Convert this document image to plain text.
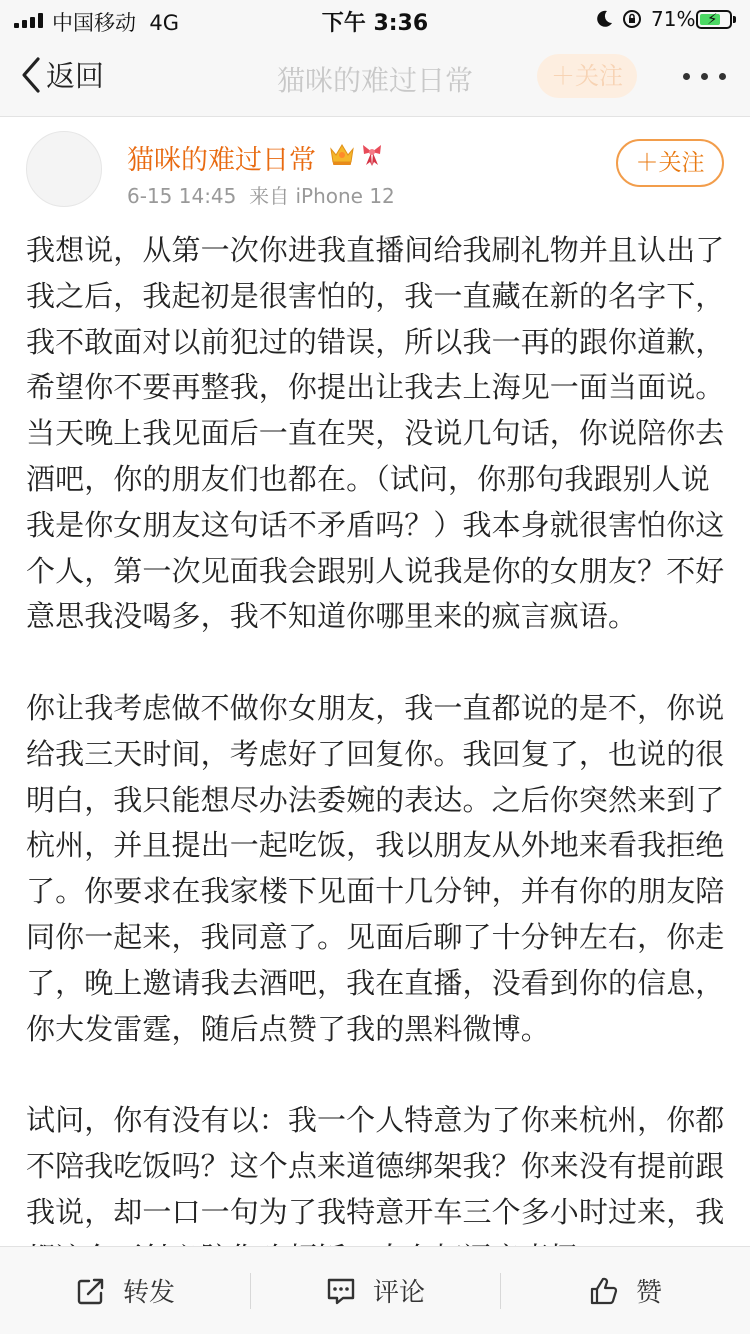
中国移动 4G	下午 3:36	71% ⚡
返回	猫咪的难过日常	＋关注
猫咪的难过日常
6-15 14:45 来自 iPhone 12
＋关注

我想说，从第一次你进我直播间给我刷礼物并且认出了我之后，我起初是很害怕的，我一直藏在新的名字下，我不敢面对以前犯过的错误，所以我一再的跟你道歉，希望你不要再整我，你提出让我去上海见一面当面说。当天晚上我见面后一直在哭，没说几句话，你说陪你去酒吧，你的朋友们也都在。（试问，你那句我跟别人说我是你女朋友这句话不矛盾吗？）我本身就很害怕你这个人，第一次见面我会跟别人说我是你的女朋友？不好意思我没喝多，我不知道你哪里来的疯言疯语。

你让我考虑做不做你女朋友，我一直都说的是不，你说给我三天时间，考虑好了回复你。我回复了，也说的很明白，我只能想尽办法委婉的表达。之后你突然来到了杭州，并且提出一起吃饭，我以朋友从外地来看我拒绝了。你要求在我家楼下见面十几分钟，并有你的朋友陪同你一起来，我同意了。见面后聊了十分钟左右，你走了，晚上邀请我去酒吧，我在直播，没看到你的信息，你大发雷霆，随后点赞了我的黑料微博。

试问，你有没有以：我一个人特意为了你来杭州，你都不陪我吃饭吗？这个点来道德绑架我？你来没有提前跟我说，却一口一句为了我特意开车三个多小时过来，我

转发	评论	赞
